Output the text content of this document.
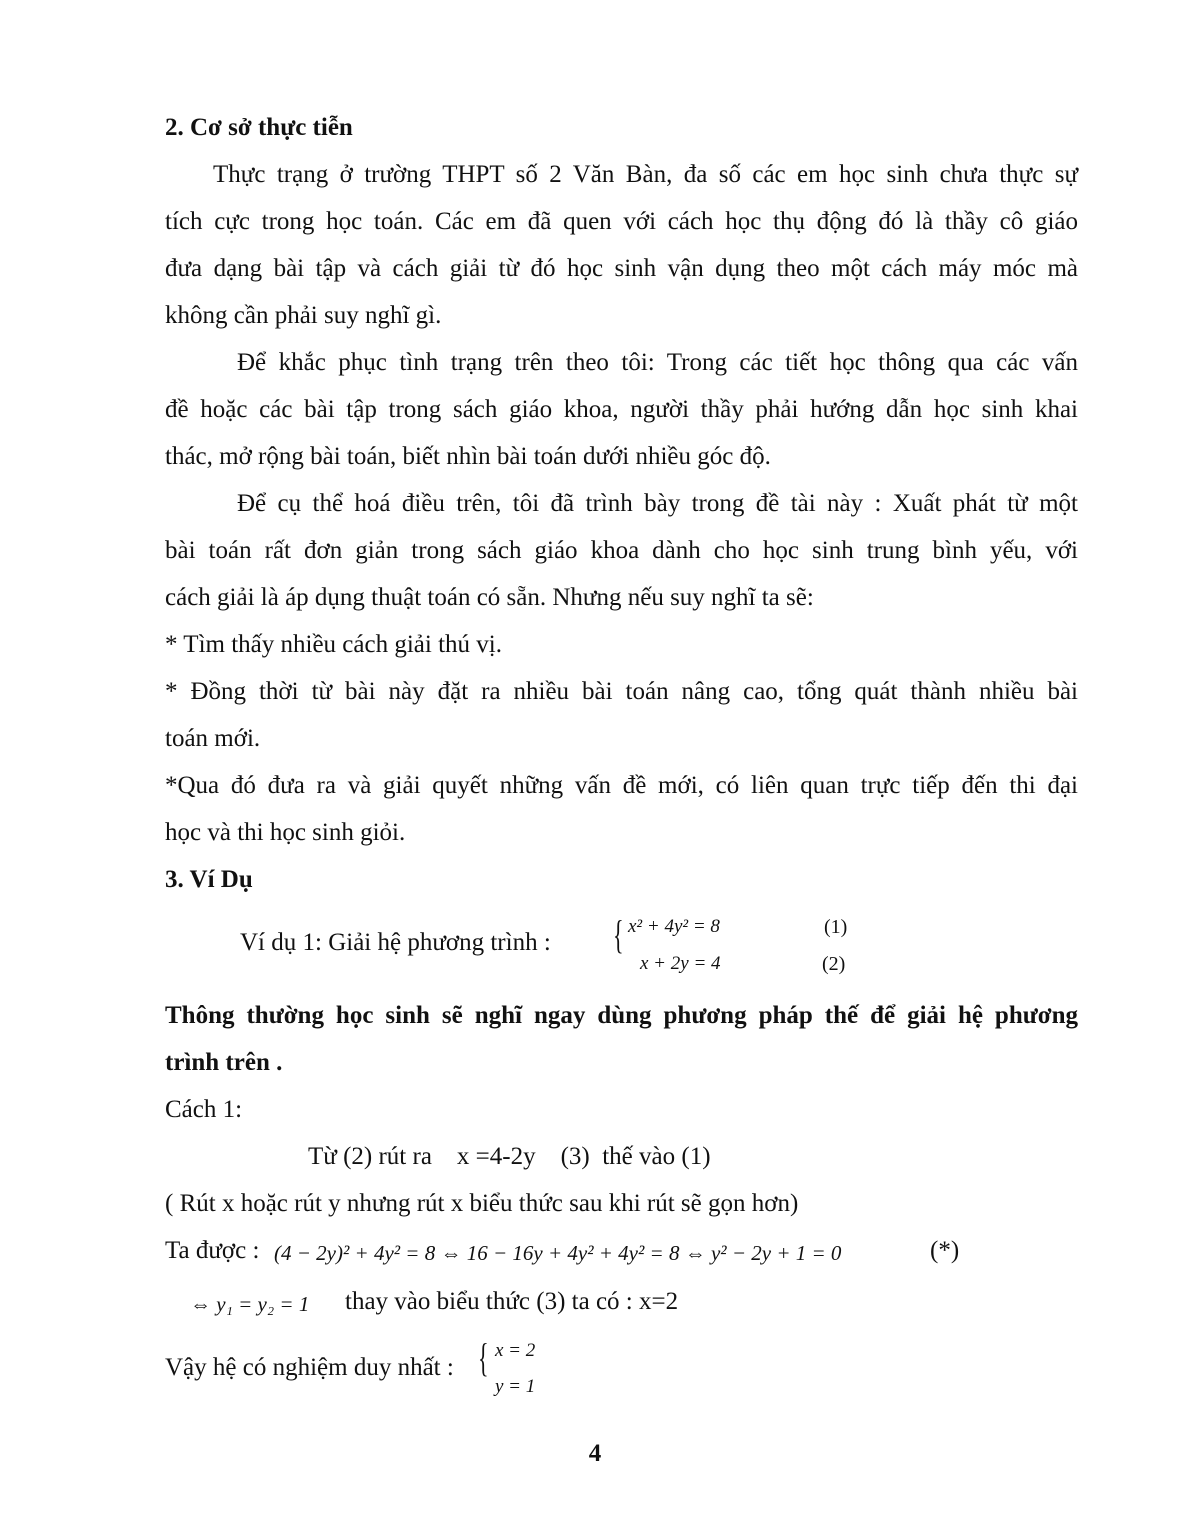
2. Cơ sở thực tiễn
Thực trạng ở trường THPT số 2 Văn Bàn, đa số các em học sinh chưa thực sự
tích cực trong học toán. Các em đã quen với cách học thụ động đó là thầy cô giáo
đưa dạng bài tập và cách giải từ đó học sinh vận dụng theo một cách máy móc mà
không cần phải suy nghĩ gì.
Để khắc phục tình trạng trên theo tôi: Trong các tiết học thông qua các vấn
đề hoặc các bài tập trong sách giáo khoa, người thầy phải hướng dẫn học sinh khai
thác, mở rộng bài toán, biết nhìn bài toán dưới nhiều góc độ.
Để cụ thể hoá điều trên, tôi đã trình bày trong đề tài này : Xuất phát từ một
bài toán rất đơn giản trong sách giáo khoa dành cho học sinh trung bình yếu, với
cách giải là áp dụng thuật toán có sẵn. Nhưng nếu suy nghĩ ta sẽ:
* Tìm thấy nhiều cách giải thú vị.
* Đồng thời từ bài này đặt ra nhiều bài toán nâng cao, tổng quát thành nhiều bài
toán mới.
*Qua đó đưa ra và giải quyết những vấn đề mới, có liên quan trực tiếp đến thi đại
học và thi học sinh giỏi.
3. Ví Dụ
Ví dụ 1: Giải hệ phương trình : { x² + 4y² = 8
x + 2y = 4
(1)
(2)
Thông thường học sinh sẽ nghĩ ngay dùng phương pháp thế để giải hệ phương
trình trên .
Cách 1:
Từ (2) rút ra    x =4-2y    (3)  thế vào (1)
( Rút x hoặc rút y nhưng rút x biểu thức sau khi rút sẽ gọn hơn)
Ta được : (4 − 2y)² + 4y² = 8 ⇔ 16 − 16y + 4y² + 4y² = 8 ⇔ y² − 2y + 1 = 0	(*)
⇔ y₁ = y₂ = 1 thay vào biểu thức (3) ta có : x=2
Vậy hệ có nghiệm duy nhất : { x = 2
y = 1
4
